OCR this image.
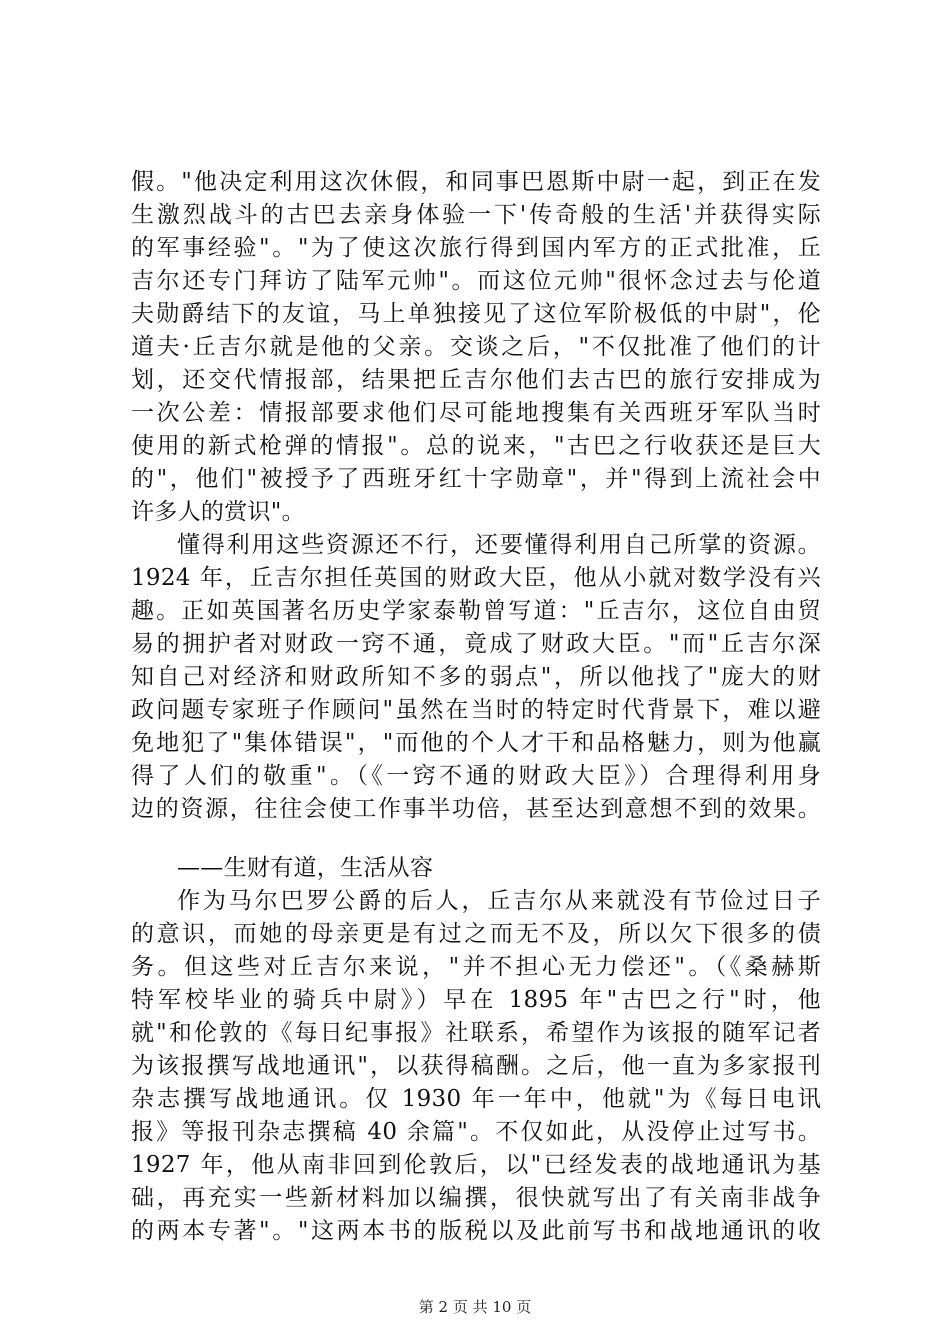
假。"他决定利用这次休假，和同事巴恩斯中尉一起，到正在发
生激烈战斗的古巴去亲身体验一下'传奇般的生活'并获得实际
的军事经验"。"为了使这次旅行得到国内军方的正式批准，丘
吉尔还专门拜访了陆军元帅"。而这位元帅"很怀念过去与伦道
夫勋爵结下的友谊，马上单独接见了这位军阶极低的中尉"，伦
道夫·丘吉尔就是他的父亲。交谈之后，"不仅批准了他们的计
划，还交代情报部，结果把丘吉尔他们去古巴的旅行安排成为
一次公差：情报部要求他们尽可能地搜集有关西班牙军队当时
使用的新式枪弹的情报"。总的说来，"古巴之行收获还是巨大
的"，他们"被授予了西班牙红十字勋章"，并"得到上流社会中
许多人的赏识"。
懂得利用这些资源还不行，还要懂得利用自己所掌的资源。
1924 年，丘吉尔担任英国的财政大臣，他从小就对数学没有兴
趣。正如英国著名历史学家泰勒曾写道："丘吉尔，这位自由贸
易的拥护者对财政一窍不通，竟成了财政大臣。"而"丘吉尔深
知自己对经济和财政所知不多的弱点"，所以他找了"庞大的财
政问题专家班子作顾问"虽然在当时的特定时代背景下，难以避
免地犯了"集体错误"，"而他的个人才干和品格魅力，则为他赢
得了人们的敬重"。（《一窍不通的财政大臣》）合理得利用身
边的资源，往往会使工作事半功倍，甚至达到意想不到的效果。
——生财有道，生活从容
作为马尔巴罗公爵的后人，丘吉尔从来就没有节俭过日子
的意识，而她的母亲更是有过之而无不及，所以欠下很多的债
务。但这些对丘吉尔来说，"并不担心无力偿还"。（《桑赫斯
特军校毕业的骑兵中尉》）早在 1895 年"古巴之行"时，他
就"和伦敦的《每日纪事报》社联系，希望作为该报的随军记者
为该报撰写战地通讯"，以获得稿酬。之后，他一直为多家报刊
杂志撰写战地通讯。仅 1930 年一年中，他就"为《每日电讯
报》等报刊杂志撰稿 40 余篇"。不仅如此，从没停止过写书。
1927 年，他从南非回到伦敦后，以"已经发表的战地通讯为基
础，再充实一些新材料加以编撰，很快就写出了有关南非战争
的两本专著"。"这两本书的版税以及此前写书和战地通讯的收
第 2 页 共 10 页
